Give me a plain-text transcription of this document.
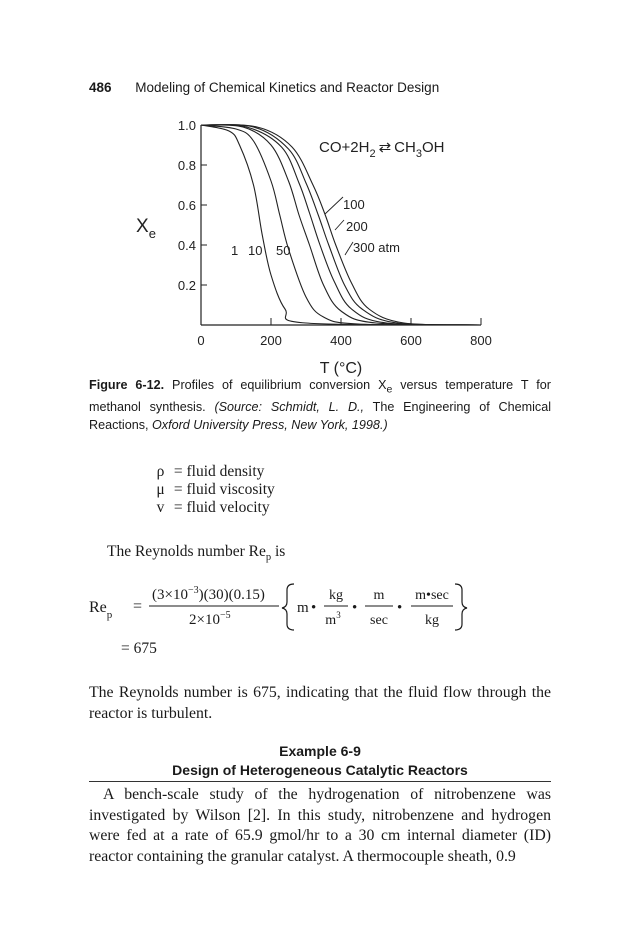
486 Modeling of Chemical Kinetics and Reactor Design
0	200	400	600	800
0.2
0.4
0.6
0.8
1.0
$X_e$
T (°C)
$CO+2H_2$ ⇄ $CH_3OH$
1 10 50
100
200
300 atm
Figure 6-12. Profiles of equilibrium conversion $X_e$ versus temperature T for methanol synthesis. (Source: Schmidt, L. D., The Engineering of Chemical Reactions, Oxford University Press, New York, 1998.)
ρ = fluid density
μ = fluid viscosity
v = fluid velocity
The Reynolds number $Re_p$ is
$Re_p$ =
$(3\times 10^{-3})(30)(0.15)$
$2\times 10^{-5}$	m •
kg
$m^3$ •
m
sec
•
m•sec
kg
= 675
The Reynolds number is 675, indicating that the fluid flow through the reactor is turbulent.
Example 6-9
Design of Heterogeneous Catalytic Reactors
A bench-scale study of the hydrogenation of nitrobenzene was investigated by Wilson [2]. In this study, nitrobenzene and hydrogen were fed at a rate of 65.9 gmol/hr to a 30 cm internal diameter (ID) reactor containing the granular catalyst. A thermocouple sheath, 0.9
